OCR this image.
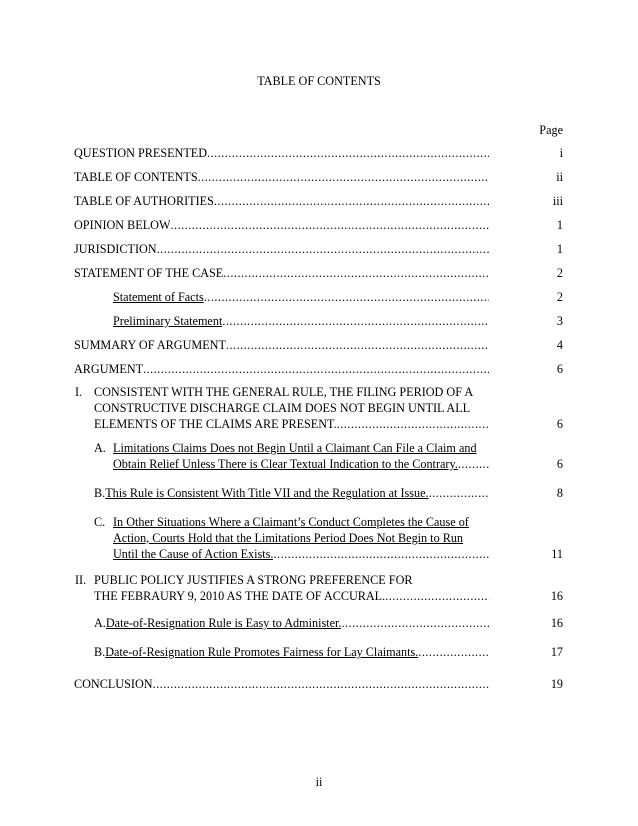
TABLE OF CONTENTS
Page
QUESTION PRESENTED .....	i
TABLE OF CONTENTS .....	ii
TABLE OF AUTHORITIES .....	iii
OPINION BELOW .....	1
JURISDICTION .....	1
STATEMENT OF THE CASE .....	2
Statement of Facts .....	2
Preliminary Statement .....	3
SUMMARY OF ARGUMENT .....	4
ARGUMENT .....	6
I. CONSISTENT WITH THE GENERAL RULE, THE FILING PERIOD OF A
CONSTRUCTIVE DISCHARGE CLAIM DOES NOT BEGIN UNTIL ALL
ELEMENTS OF THE CLAIMS ARE PRESENT. .....	6
A. Limitations Claims Does not Begin Until a Claimant Can File a Claim and
Obtain Relief Unless There is Clear Textual Indication to the Contrary. .....	6
B. This Rule is Consistent With Title VII and the Regulation at Issue. .....	8
C. In Other Situations Where a Claimant’s Conduct Completes the Cause of
Action, Courts Hold that the Limitations Period Does Not Begin to Run
Until the Cause of Action Exists. .....	11
II. PUBLIC POLICY JUSTIFIES A STRONG PREFERENCE FOR
THE FEBRAURY 9, 2010 AS THE DATE OF ACCURAL. .....	16
A. Date-of-Resignation Rule is Easy to Administer. .....	16
B. Date-of-Resignation Rule Promotes Fairness for Lay Claimants. .....	17
CONCLUSION .....	19
ii
